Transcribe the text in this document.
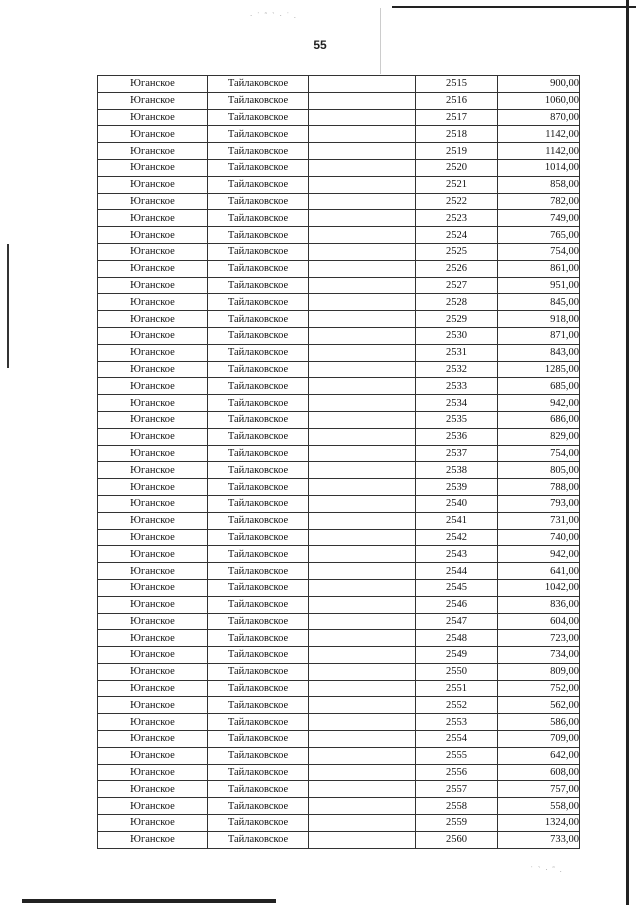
· ˙ ˜ ` · ˙ .
˙ ` · ˜ .
55
Юганское	Тайлаковское		2515	900,00
Юганское	Тайлаковское		2516	1060,00
Юганское	Тайлаковское		2517	870,00
Юганское	Тайлаковское		2518	1142,00
Юганское	Тайлаковское		2519	1142,00
Юганское	Тайлаковское		2520	1014,00
Юганское	Тайлаковское		2521	858,00
Юганское	Тайлаковское		2522	782,00
Юганское	Тайлаковское		2523	749,00
Юганское	Тайлаковское		2524	765,00
Юганское	Тайлаковское		2525	754,00
Юганское	Тайлаковское		2526	861,00
Юганское	Тайлаковское		2527	951,00
Юганское	Тайлаковское		2528	845,00
Юганское	Тайлаковское		2529	918,00
Юганское	Тайлаковское		2530	871,00
Юганское	Тайлаковское		2531	843,00
Юганское	Тайлаковское		2532	1285,00
Юганское	Тайлаковское		2533	685,00
Юганское	Тайлаковское		2534	942,00
Юганское	Тайлаковское		2535	686,00
Юганское	Тайлаковское		2536	829,00
Юганское	Тайлаковское		2537	754,00
Юганское	Тайлаковское		2538	805,00
Юганское	Тайлаковское		2539	788,00
Юганское	Тайлаковское		2540	793,00
Юганское	Тайлаковское		2541	731,00
Юганское	Тайлаковское		2542	740,00
Юганское	Тайлаковское		2543	942,00
Юганское	Тайлаковское		2544	641,00
Юганское	Тайлаковское		2545	1042,00
Юганское	Тайлаковское		2546	836,00
Юганское	Тайлаковское		2547	604,00
Юганское	Тайлаковское		2548	723,00
Юганское	Тайлаковское		2549	734,00
Юганское	Тайлаковское		2550	809,00
Юганское	Тайлаковское		2551	752,00
Юганское	Тайлаковское		2552	562,00
Юганское	Тайлаковское		2553	586,00
Юганское	Тайлаковское		2554	709,00
Юганское	Тайлаковское		2555	642,00
Юганское	Тайлаковское		2556	608,00
Юганское	Тайлаковское		2557	757,00
Юганское	Тайлаковское		2558	558,00
Юганское	Тайлаковское		2559	1324,00
Юганское	Тайлаковское		2560	733,00
